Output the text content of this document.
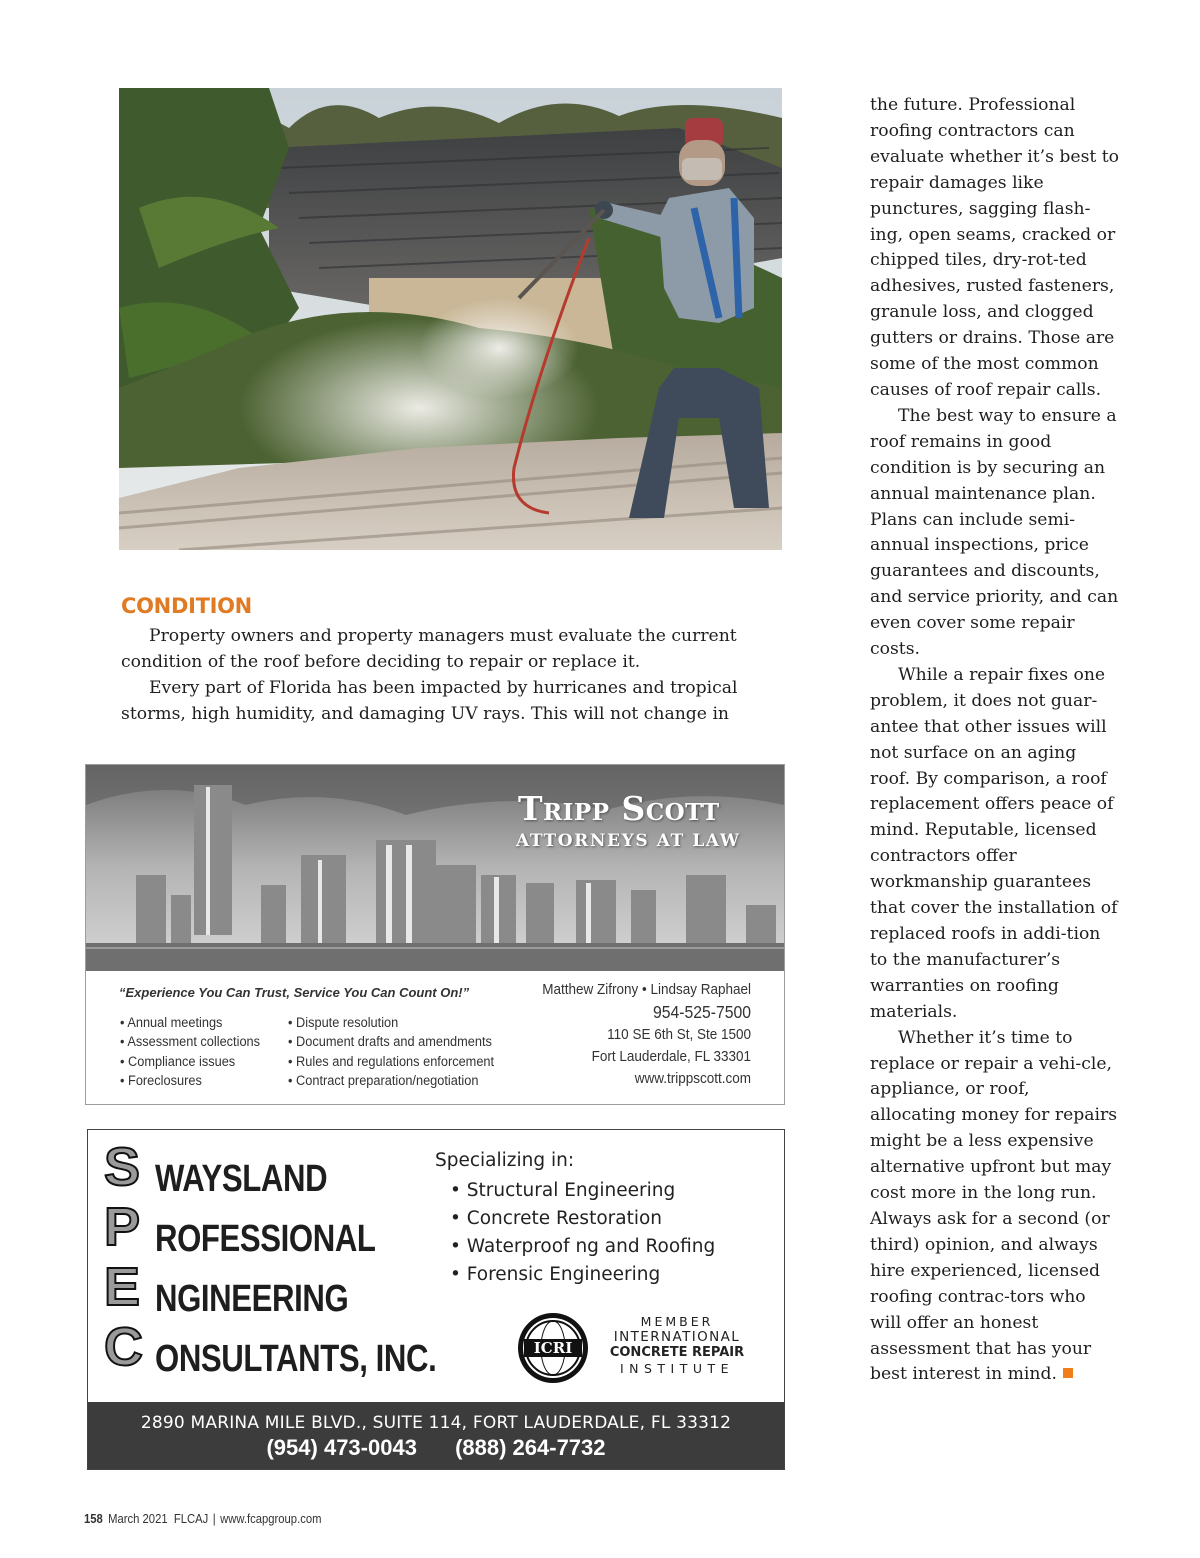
CONDITION

Property owners and property managers must evaluate the current condition of the roof before deciding to repair or replace it.

Every part of Florida has been impacted by hurricanes and tropical storms, high humidity, and damaging UV rays. This will not change in

the future. Professional roofing contractors can evaluate whether it’s best to repair damages like punctures, sagging flash-ing, open seams, cracked or chipped tiles, dry-rot-ted adhesives, rusted fasteners, granule loss, and clogged gutters or drains. Those are some of the most common causes of roof repair calls.

The best way to ensure a roof remains in good condition is by securing an annual maintenance plan. Plans can include semi-annual inspections, price guarantees and discounts, and service priority, and can even cover some repair costs.

While a repair fixes one problem, it does not guar-antee that other issues will not surface on an aging roof. By comparison, a roof replacement offers peace of mind. Reputable, licensed contractors offer workmanship guarantees that cover the installation of replaced roofs in addi-tion to the manufacturer’s warranties on roofing materials.

Whether it’s time to replace or repair a vehi-cle, appliance, or roof, allocating money for repairs might be a less expensive alternative upfront but may cost more in the long run. Always ask for a second (or third) opinion, and always hire experienced, licensed roofing contrac-tors who will offer an honest assessment that has your best interest in mind.

Tripp Scott
ATTORNEYS AT LAW
“Experience You Can Trust, Service You Can Count On!”
• Annual meetings
• Assessment collections
• Compliance issues
• Foreclosures
• Dispute resolution
• Document drafts and amendments
• Rules and regulations enforcement
• Contract preparation/negotiation
Matthew Zifrony • Lindsay Raphael
954-525-7500
110 SE 6th St, Ste 1500
Fort Lauderdale, FL 33301
www.trippscott.com
S WAYSLAND
P ROFESSIONAL
E NGINEERING
C ONSULTANTS, INC.
Specializing in:
• Structural Engineering
• Concrete Restoration
• Waterproof ng and Roofing
• Forensic Engineering
ICRI
MEMBER
INTERNATIONAL
CONCRETE REPAIR
INSTITUTE
2890 MARINA MILE BLVD., SUITE 114, FORT LAUDERDALE, FL 33312
(954) 473-0043 (888) 264-7732
158 March 2021 FLCAJ | www.fcapgroup.com
